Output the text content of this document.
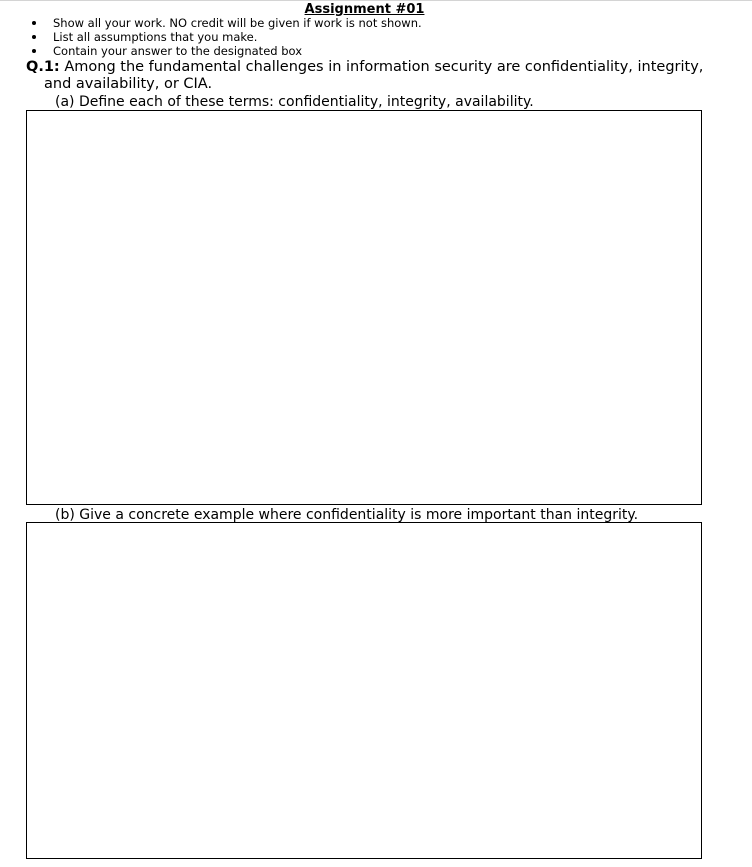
Assignment #01
Show all your work. NO credit will be given if work is not shown.
List all assumptions that you make.
Contain your answer to the designated box
Q.1: Among the fundamental challenges in information security are confidentiality, integrity,
and availability, or CIA.
(a) Define each of these terms: confidentiality, integrity, availability.
(b) Give a concrete example where confidentiality is more important than integrity.
